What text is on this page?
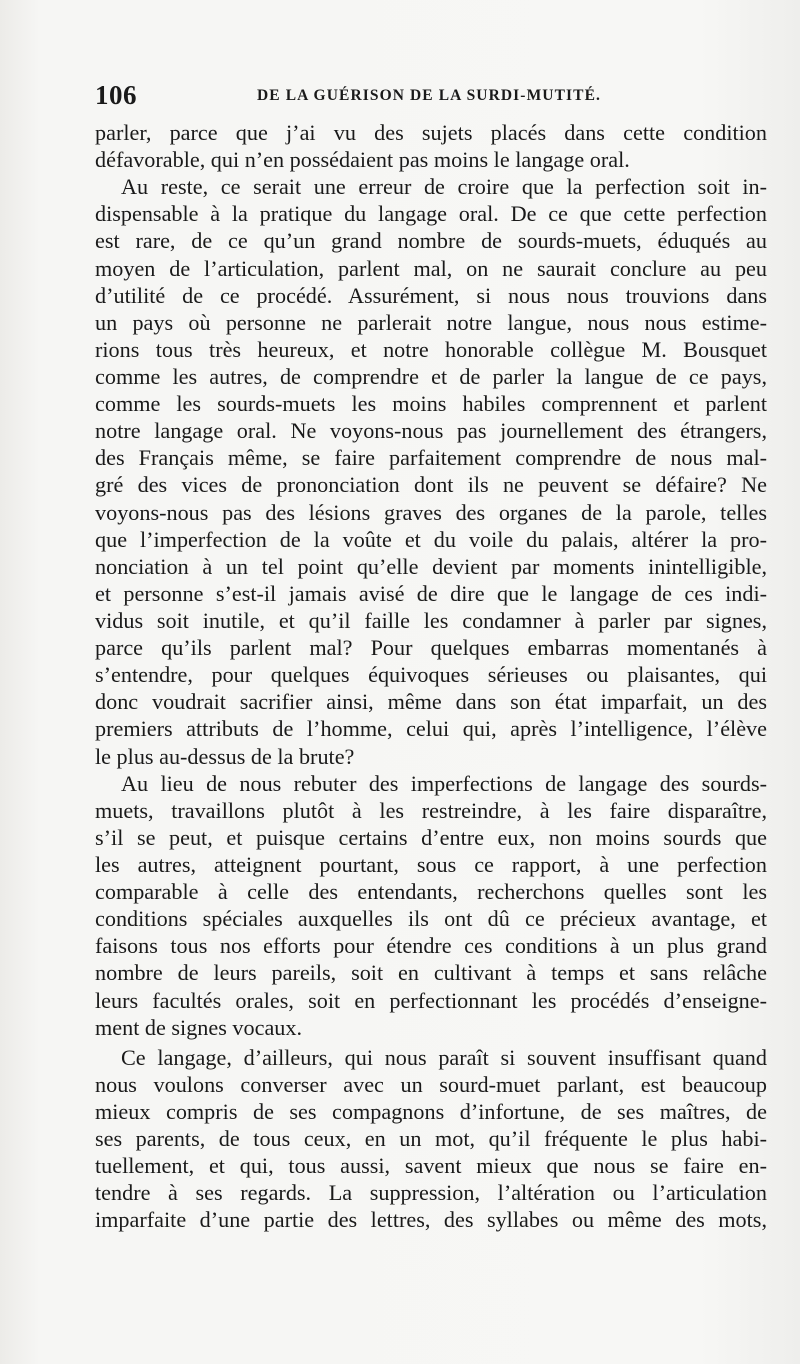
106	DE LA GUÉRISON DE LA SURDI-MUTITÉ.
parler, parce que j’ai vu des sujets placés dans cette condition
défavorable, qui n’en possédaient pas moins le langage oral.
Au reste, ce serait une erreur de croire que la perfection soit in-
dispensable à la pratique du langage oral. De ce que cette perfection
est rare, de ce qu’un grand nombre de sourds-muets, éduqués au
moyen de l’articulation, parlent mal, on ne saurait conclure au peu
d’utilité de ce procédé. Assurément, si nous nous trouvions dans
un pays où personne ne parlerait notre langue, nous nous estime-
rions tous très heureux, et notre honorable collègue M. Bousquet
comme les autres, de comprendre et de parler la langue de ce pays,
comme les sourds-muets les moins habiles comprennent et parlent
notre langage oral. Ne voyons-nous pas journellement des étrangers,
des Français même, se faire parfaitement comprendre de nous mal-
gré des vices de prononciation dont ils ne peuvent se défaire? Ne
voyons-nous pas des lésions graves des organes de la parole, telles
que l’imperfection de la voûte et du voile du palais, altérer la pro-
nonciation à un tel point qu’elle devient par moments inintelligible,
et personne s’est-il jamais avisé de dire que le langage de ces indi-
vidus soit inutile, et qu’il faille les condamner à parler par signes,
parce qu’ils parlent mal? Pour quelques embarras momentanés à
s’entendre, pour quelques équivoques sérieuses ou plaisantes, qui
donc voudrait sacrifier ainsi, même dans son état imparfait, un des
premiers attributs de l’homme, celui qui, après l’intelligence, l’élève
le plus au-dessus de la brute?
Au lieu de nous rebuter des imperfections de langage des sourds-
muets, travaillons plutôt à les restreindre, à les faire disparaître,
s’il se peut, et puisque certains d’entre eux, non moins sourds que
les autres, atteignent pourtant, sous ce rapport, à une perfection
comparable à celle des entendants, recherchons quelles sont les
conditions spéciales auxquelles ils ont dû ce précieux avantage, et
faisons tous nos efforts pour étendre ces conditions à un plus grand
nombre de leurs pareils, soit en cultivant à temps et sans relâche
leurs facultés orales, soit en perfectionnant les procédés d’enseigne-
ment de signes vocaux.
Ce langage, d’ailleurs, qui nous paraît si souvent insuffisant quand
nous voulons converser avec un sourd-muet parlant, est beaucoup
mieux compris de ses compagnons d’infortune, de ses maîtres, de
ses parents, de tous ceux, en un mot, qu’il fréquente le plus habi-
tuellement, et qui, tous aussi, savent mieux que nous se faire en-
tendre à ses regards. La suppression, l’altération ou l’articulation
imparfaite d’une partie des lettres, des syllabes ou même des mots,
